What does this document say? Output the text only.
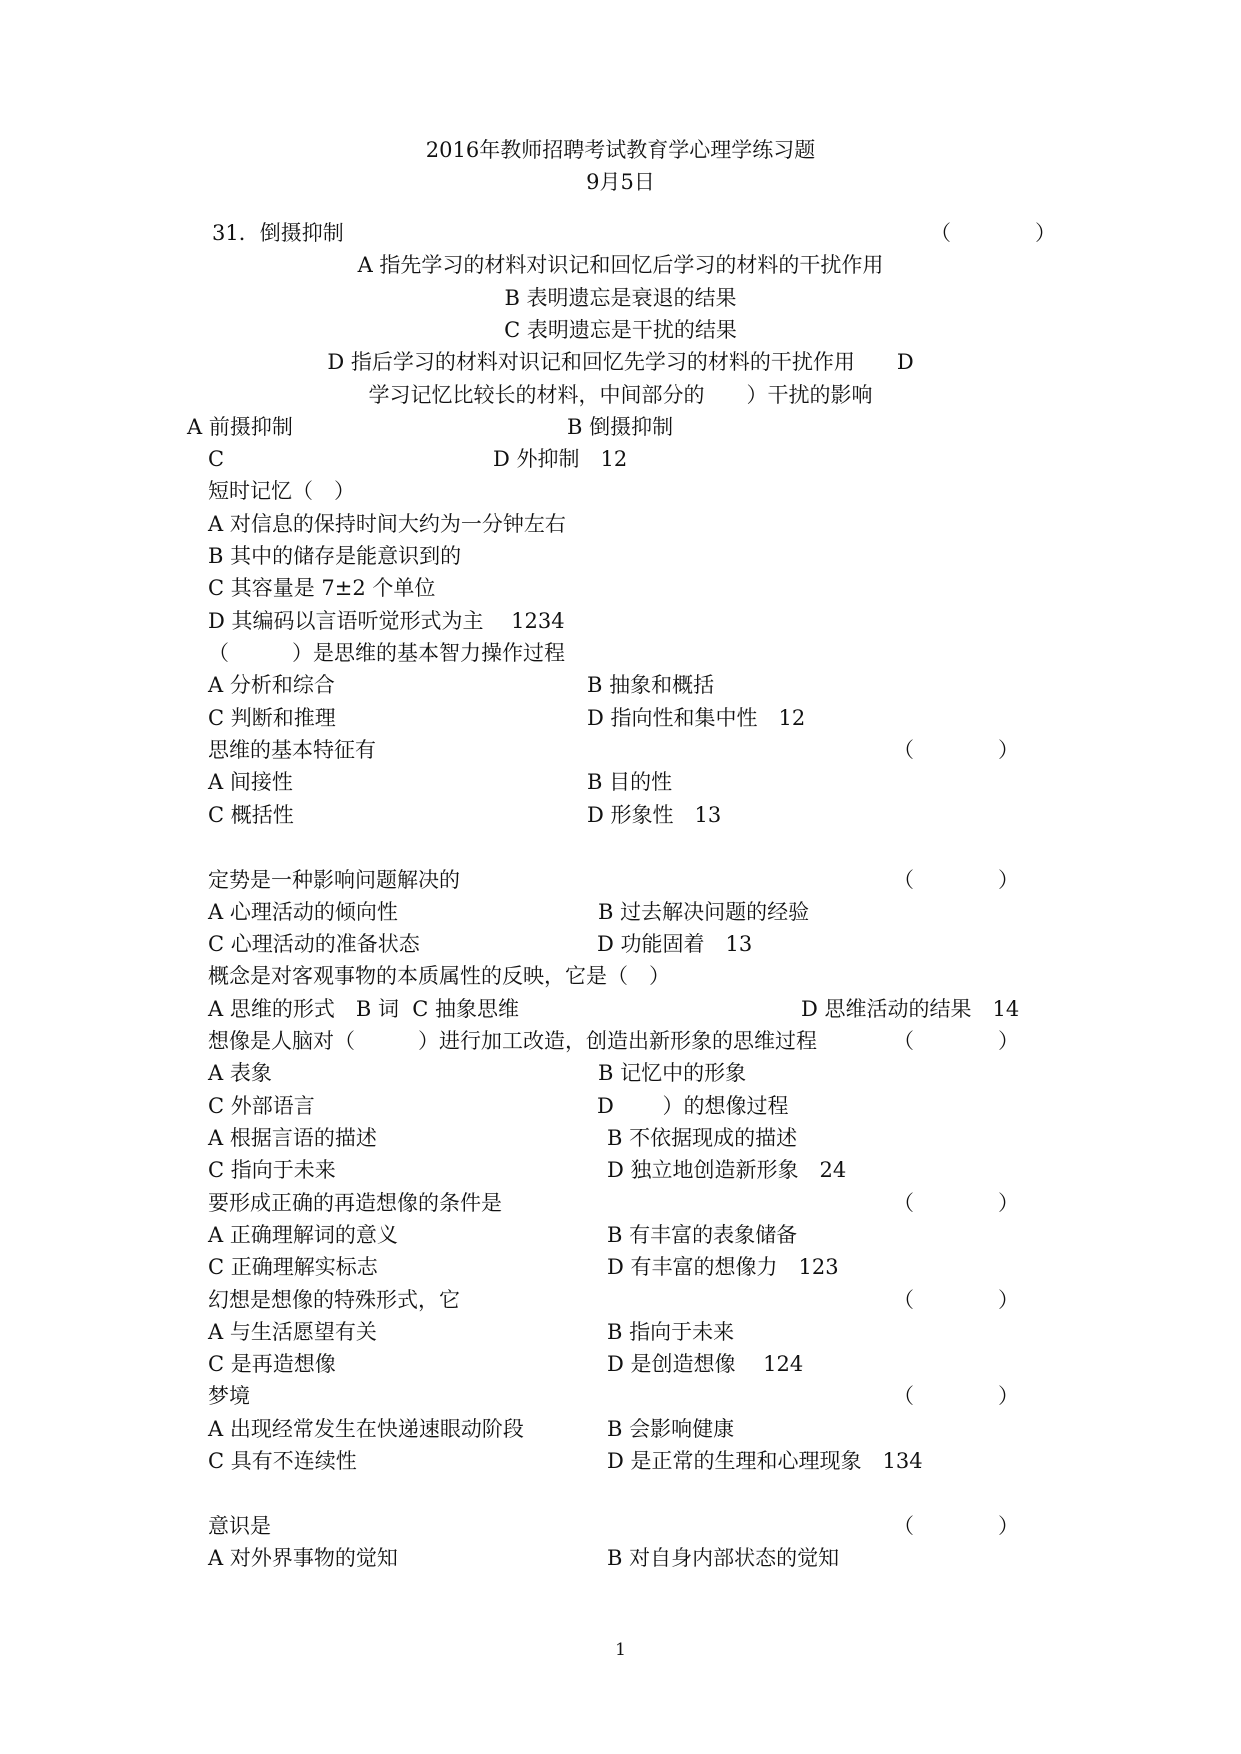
2016年教师招聘考试教育学心理学练习题
9月5日
31．倒摄抑制	（　　　　）
A 指先学习的材料对识记和回忆后学习的材料的干扰作用
B 表明遗忘是衰退的结果
C 表明遗忘是干扰的结果
D 指后学习的材料对识记和回忆先学习的材料的干扰作用　　D
学习记忆比较长的材料，中间部分的　　）干扰的影响
A 前摄抑制	B 倒摄抑制
C	D 外抑制　12
短时记忆（　）
A 对信息的保持时间大约为一分钟左右
B 其中的储存是能意识到的
C 其容量是 7±2 个单位
D 其编码以言语听觉形式为主　 1234
（　　　）是思维的基本智力操作过程
A 分析和综合	B 抽象和概括
C 判断和推理	D 指向性和集中性　12
思维的基本特征有	（　　　　）
A 间接性	B 目的性
C 概括性	D 形象性　13
定势是一种影响问题解决的	（　　　　）
A 心理活动的倾向性	B 过去解决问题的经验
C 心理活动的准备状态	D 功能固着　13
概念是对客观事物的本质属性的反映，它是（　）
A 思维的形式　B 词  C 抽象思维	D 思维活动的结果　14
想像是人脑对（　　　）进行加工改造，创造出新形象的思维过程	（　　　　）
A 表象	B 记忆中的形象
C 外部语言	D　　 ）的想像过程
A 根据言语的描述	B 不依据现成的描述
C 指向于未来	D 独立地创造新形象　24
要形成正确的再造想像的条件是	（　　　　）
A 正确理解词的意义	B 有丰富的表象储备
C 正确理解实标志	D 有丰富的想像力　123
幻想是想像的特殊形式，它	（　　　　）
A 与生活愿望有关	B 指向于未来
C 是再造想像	D 是创造想像　 124
梦境	（　　　　）
A 出现经常发生在快递速眼动阶段	B 会影响健康
C 具有不连续性	D 是正常的生理和心理现象　134
意识是	（　　　　）
A 对外界事物的觉知	B 对自身内部状态的觉知
1
